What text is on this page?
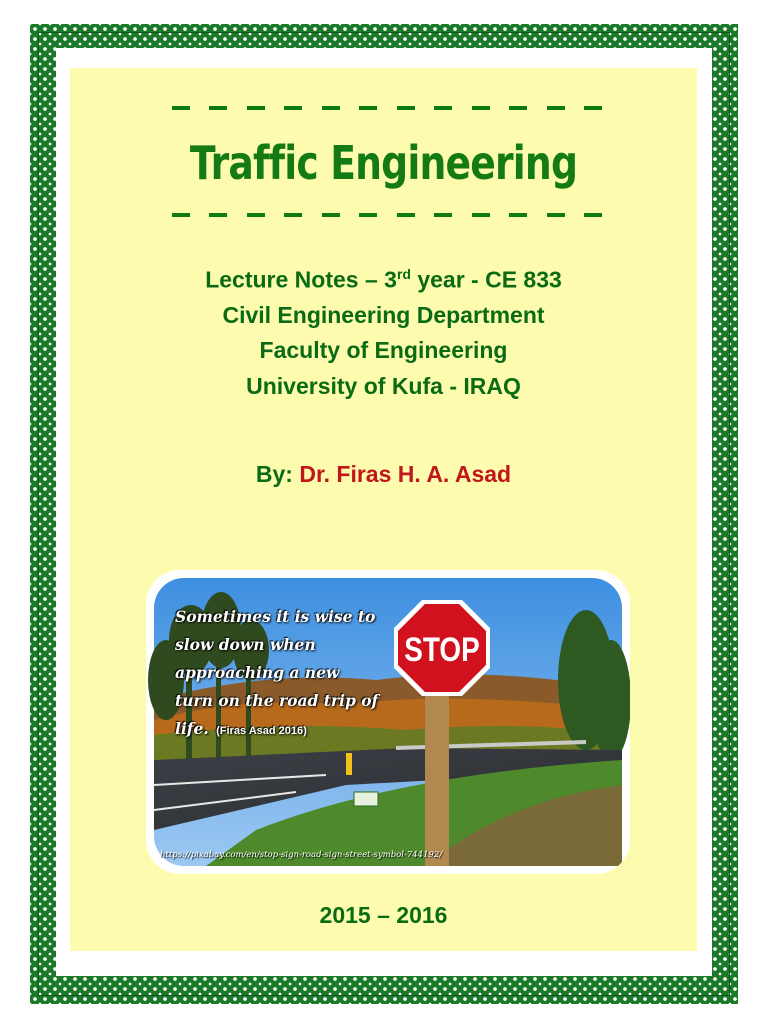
Traffic Engineering
Lecture Notes – 3rd year - CE 833
Civil Engineering Department
Faculty of Engineering
University of Kufa - IRAQ
By: Dr. Firas H. A. Asad
STOP
Sometimes it is wise to
slow down when
approaching a new
turn on the road trip of
life. (Firas Asad 2016)
https://pixabay.com/en/stop-sign-road-sign-street-symbol-744192/
2015 – 2016
